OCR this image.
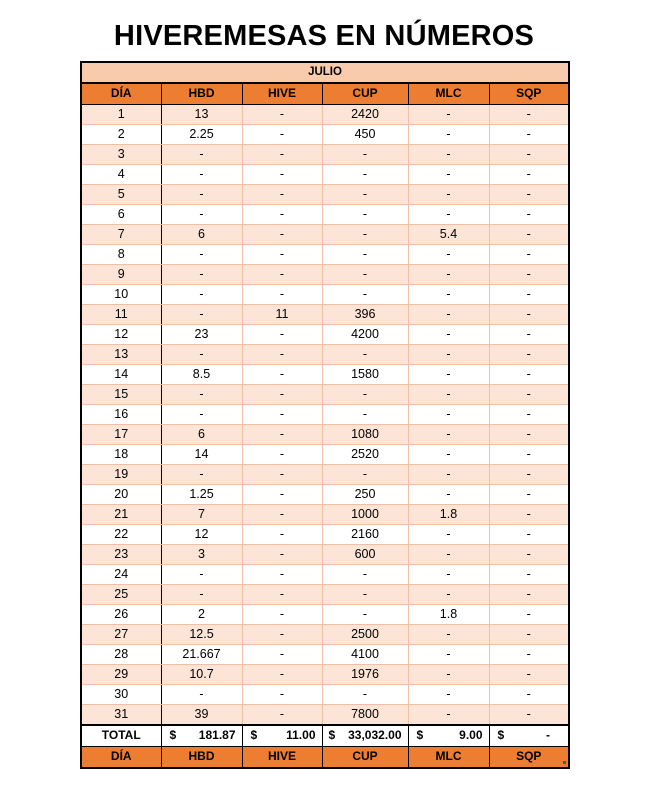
HIVEREMESAS EN NÚMEROS
JULIO					
DÍA	HBD	HIVE	CUP	MLC	SQP
1	13	-	2420	-	-
2	2.25	-	450	-	-
3	-	-	-	-	-
4	-	-	-	-	-
5	-	-	-	-	-
6	-	-	-	-	-
7	6	-	-	5.4	-
8	-	-	-	-	-
9	-	-	-	-	-
10	-	-	-	-	-
11	-	11	396	-	-
12	23	-	4200	-	-
13	-	-	-	-	-
14	8.5	-	1580	-	-
15	-	-	-	-	-
16	-	-	-	-	-
17	6	-	1080	-	-
18	14	-	2520	-	-
19	-	-	-	-	-
20	1.25	-	250	-	-
21	7	-	1000	1.8	-
22	12	-	2160	-	-
23	3	-	600	-	-
24	-	-	-	-	-
25	-	-	-	-	-
26	2	-	-	1.8	-
27	12.5	-	2500	-	-
28	21.667	-	4100	-	-
29	10.7	-	1976	-	-
30	-	-	-	-	-
31	39	-	7800	-	-
TOTAL	$ 181.87	$ 11.00	$ 33,032.00	$ 9.00	$ -

DÍA	HBD	HIVE	CUP	MLC	SQP
